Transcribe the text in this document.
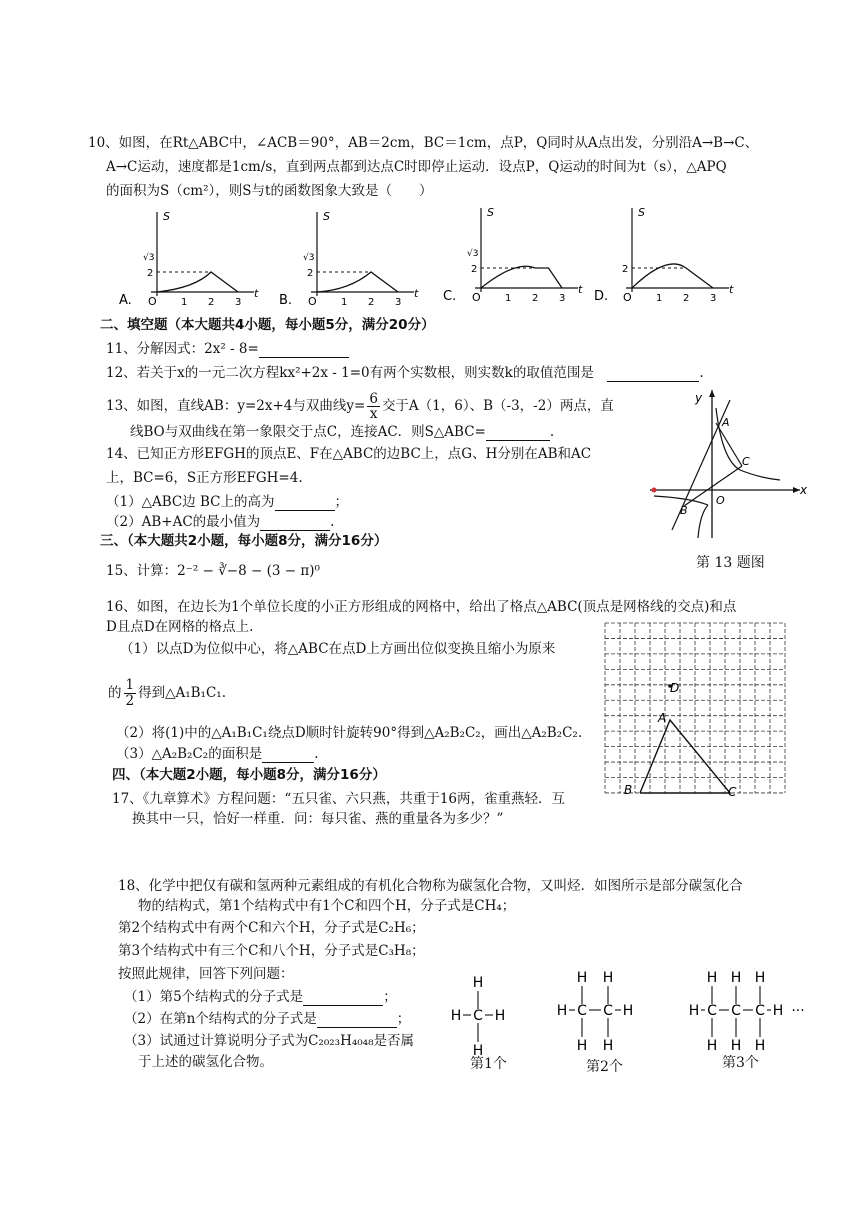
10、如图，在Rt△ABC中，∠ACB＝90°，AB＝2cm，BC＝1cm，点P，Q同时从A点出发，分别沿A→B→C、
A→C运动，速度都是1cm/s，直到两点都到达点C时即停止运动．设点P，Q运动的时间为t（s），△APQ
的面积为S（cm²），则S与t的函数图象大致是（　　）
S
t
O 1 2 3
2
√3
A.
S
t
O 1 2 3
2
√3
B.
S
t
O 1 2 3
2
√3
C.
S
t
O 1 2 3
2
D.
二、填空题（本大题共4小题，每小题5分，满分20分）
11、分解因式：2x² - 8=
12、若关于x的一元二次方程kx²+2x - 1=0有两个实数根，则实数k的取值范围是　	.
13、如图，直线AB：y=2x+4与双曲线$y= \frac{6}{x}$ 交于A（1，6）、B（-3，-2）两点，直
线BO与双曲线在第一象限交于点C，连接AC．则S△ABC=	.
14、已知正方形EFGH的顶点E、F在△ABC的边BC上，点G、H分别在AB和AC
上，BC=6，S正方形EFGH=4.
（1）△ABC边 BC上的高为	；
（2）AB+AC的最小值为	.
y
x
A
B
C
O
第 13 题图
三、（本大题共2小题，每小题8分，满分16分）
15、计算：2⁻² − ∛−8 − (3 − π)⁰
16、如图，在边长为1个单位长度的小正方形组成的网格中，给出了格点△ABC(顶点是网格线的交点)和点
D且点D在网格的格点上.
（1）以点D为位似中心，将△ABC在点D上方画出位似变换且缩小为原来
的 $\frac{1}{2}$ 得到△A₁B₁C₁.
（2）将(1)中的△A₁B₁C₁绕点D顺时针旋转90°得到△A₂B₂C₂，画出△A₂B₂C₂.
（3）△A₂B₂C₂的面积是	.
D
A
B	C
四、（本大题2小题，每小题8分，满分16分）
17、《九章算术》方程问题：“五只雀、六只燕，共重于16两，雀重燕轻．互
换其中一只，恰好一样重．问：每只雀、燕的重量各为多少？”
18、化学中把仅有碳和氢两种元素组成的有机化合物称为碳氢化合物，又叫烃．如图所示是部分碳氢化合
物的结构式，第1个结构式中有1个C和四个H，分子式是CH₄；
第2个结构式中有两个C和六个H，分子式是C₂H₆；
第3个结构式中有三个C和八个H，分子式是C₃H₈；
按照此规律，回答下列问题：
（1）第5个结构式的分子式是	；
（2）在第n个结构式的分子式是	；
（3）试通过计算说明分子式为C₂₀₂₃H₄₀₄₈是否属
于上述的碳氢化合物。
C
H
H
H H	C
H
H
C
H
H
H	H	C
H
H
C
H
H
C
H
H
H	H ···
第1个	第2个	第3个
